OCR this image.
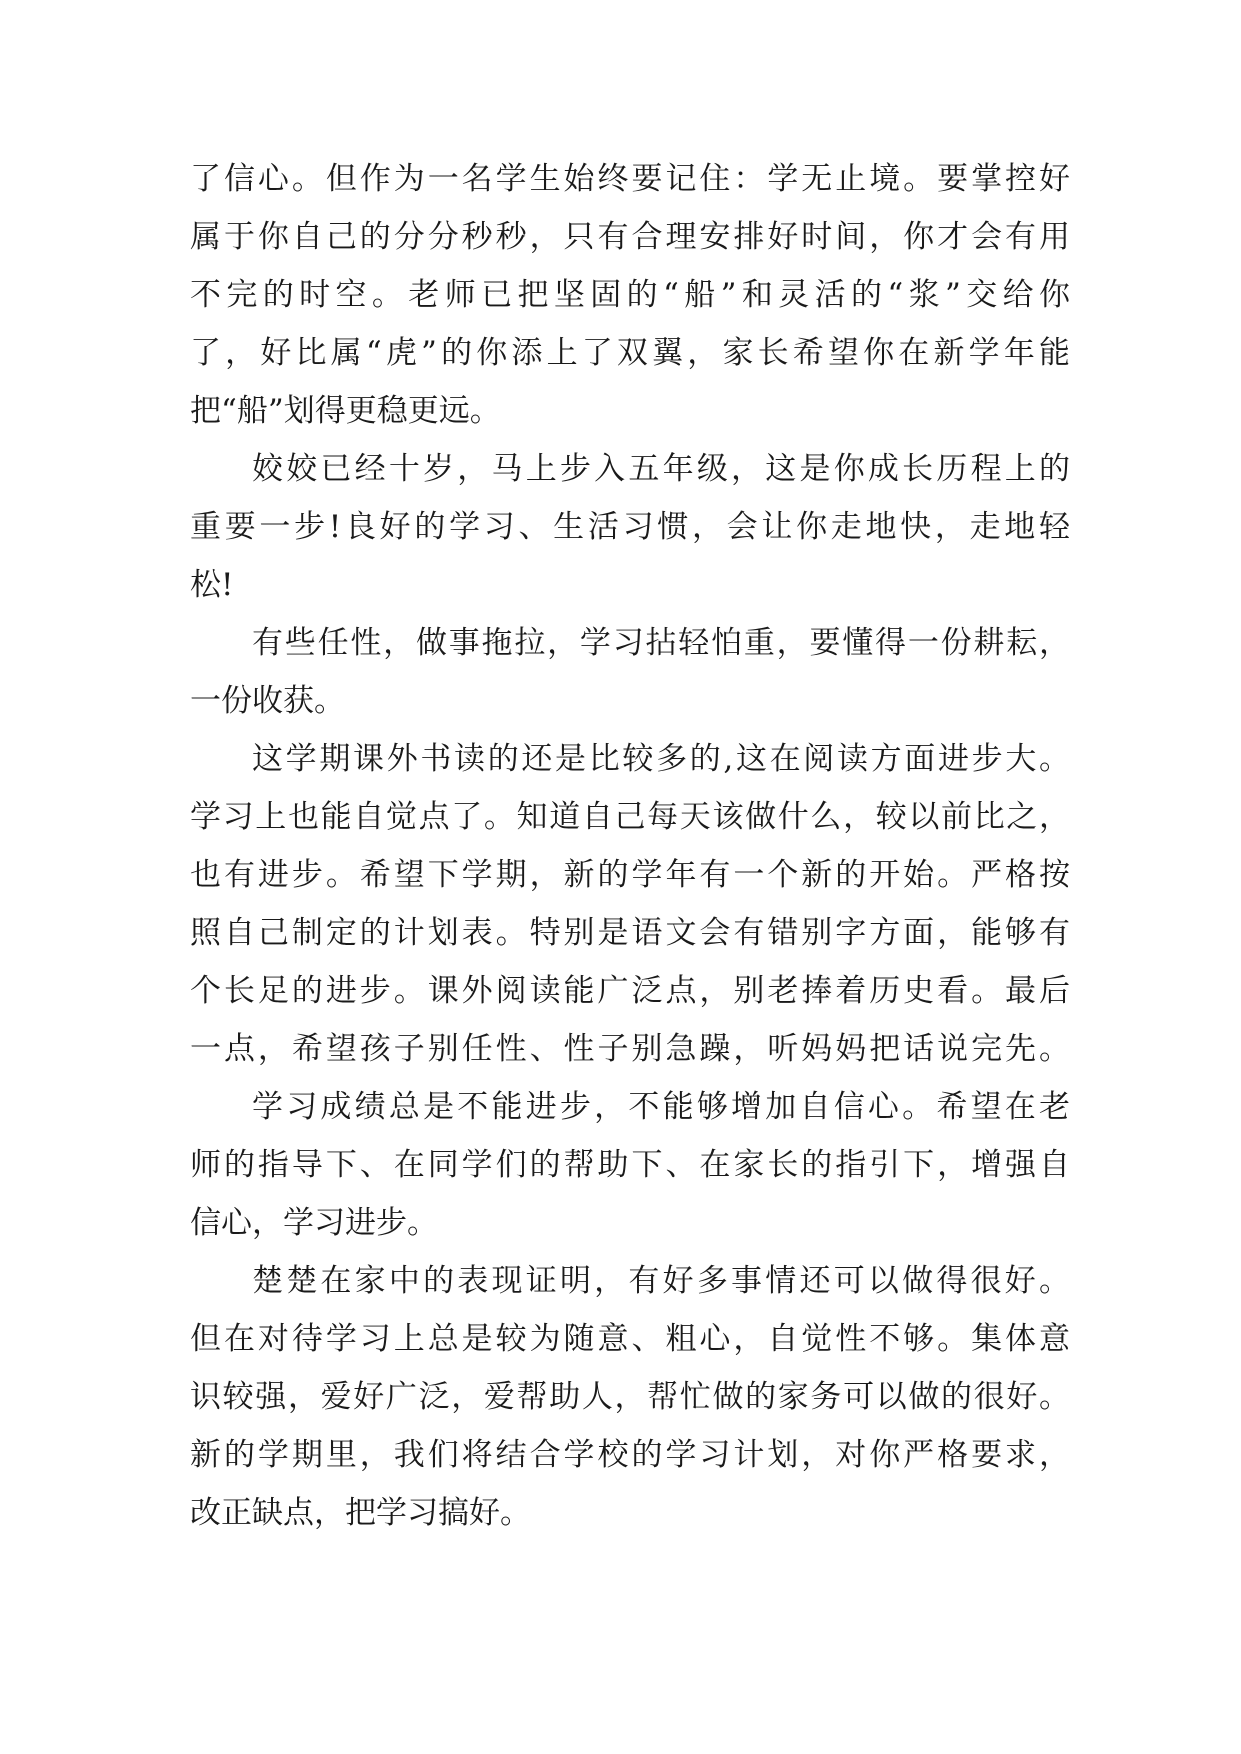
了信心。但作为一名学生始终要记住：学无止境。要掌控好
属于你自己的分分秒秒，只有合理安排好时间，你才会有用
不完的时空。老师已把坚固的“船”和灵活的“浆”交给你
了，好比属“虎”的你添上了双翼，家长希望你在新学年能
把“船”划得更稳更远。
姣姣已经十岁，马上步入五年级，这是你成长历程上的
重要一步!良好的学习、生活习惯，会让你走地快，走地轻
松!
有些任性，做事拖拉，学习拈轻怕重，要懂得一份耕耘，
一份收获。
这学期课外书读的还是比较多的,这在阅读方面进步大。
学习上也能自觉点了。知道自己每天该做什么，较以前比之，
也有进步。希望下学期，新的学年有一个新的开始。严格按
照自己制定的计划表。特别是语文会有错别字方面，能够有
个长足的进步。课外阅读能广泛点，别老捧着历史看。最后
一点，希望孩子别任性、性子别急躁，听妈妈把话说完先。
学习成绩总是不能进步，不能够增加自信心。希望在老
师的指导下、在同学们的帮助下、在家长的指引下，增强自
信心，学习进步。
楚楚在家中的表现证明，有好多事情还可以做得很好。
但在对待学习上总是较为随意、粗心，自觉性不够。集体意
识较强，爱好广泛，爱帮助人，帮忙做的家务可以做的很好。
新的学期里，我们将结合学校的学习计划，对你严格要求，
改正缺点，把学习搞好。
